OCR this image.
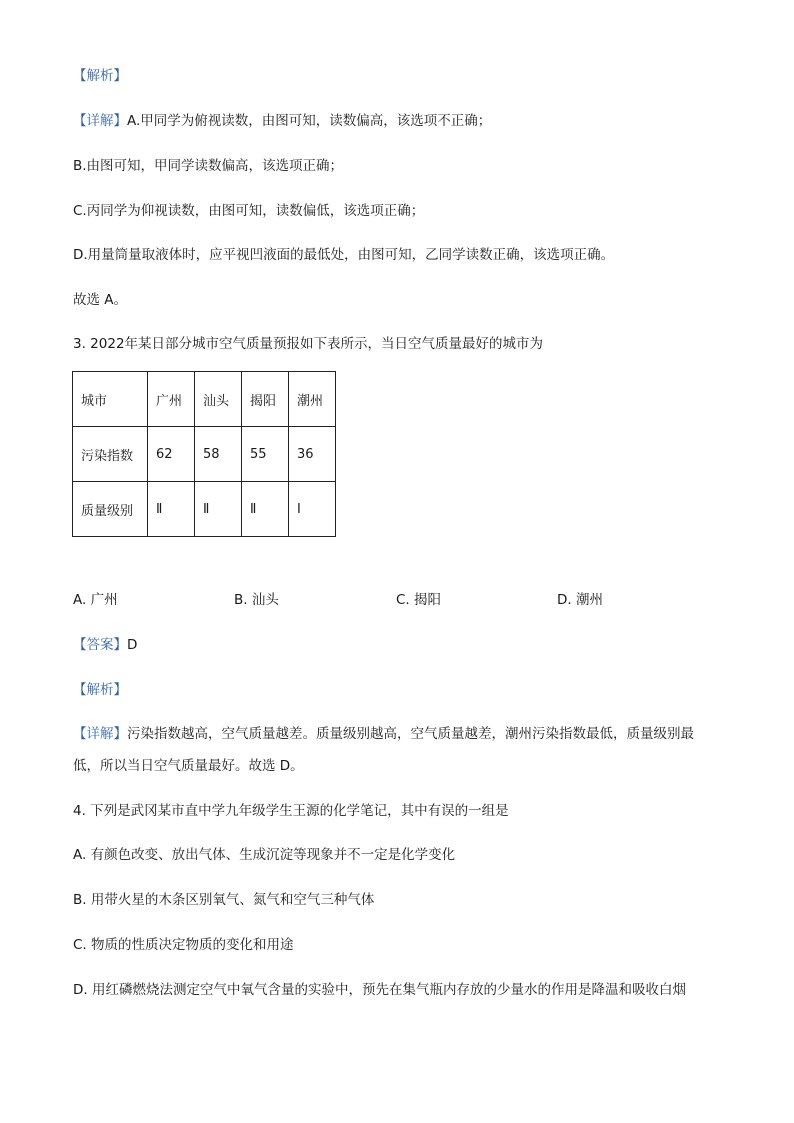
【解析】
【详解】A.甲同学为俯视读数，由图可知，读数偏高，该选项不正确；
B.由图可知，甲同学读数偏高，该选项正确；
C.丙同学为仰视读数，由图可知，读数偏低，该选项正确；
D.用量筒量取液体时，应平视凹液面的最低处，由图可知，乙同学读数正确，该选项正确。
故选 A。
3. 2022年某日部分城市空气质量预报如下表所示，当日空气质量最好的城市为
城市	广州	汕头	揭阳	潮州
污染指数	62	58	55	36
质量级别	Ⅱ	Ⅱ	Ⅱ	Ⅰ
A. 广州	B. 汕头	C. 揭阳	D. 潮州
【答案】D
【解析】
【详解】污染指数越高，空气质量越差。质量级别越高，空气质量越差，潮州污染指数最低，质量级别最
低，所以当日空气质量最好。故选 D。
4. 下列是武冈某市直中学九年级学生王源的化学笔记，其中有误的一组是
A. 有颜色改变、放出气体、生成沉淀等现象并不一定是化学变化
B. 用带火星的木条区别氧气、氮气和空气三种气体
C. 物质的性质决定物质的变化和用途
D. 用红磷燃烧法测定空气中氧气含量的实验中，预先在集气瓶内存放的少量水的作用是降温和吸收白烟
